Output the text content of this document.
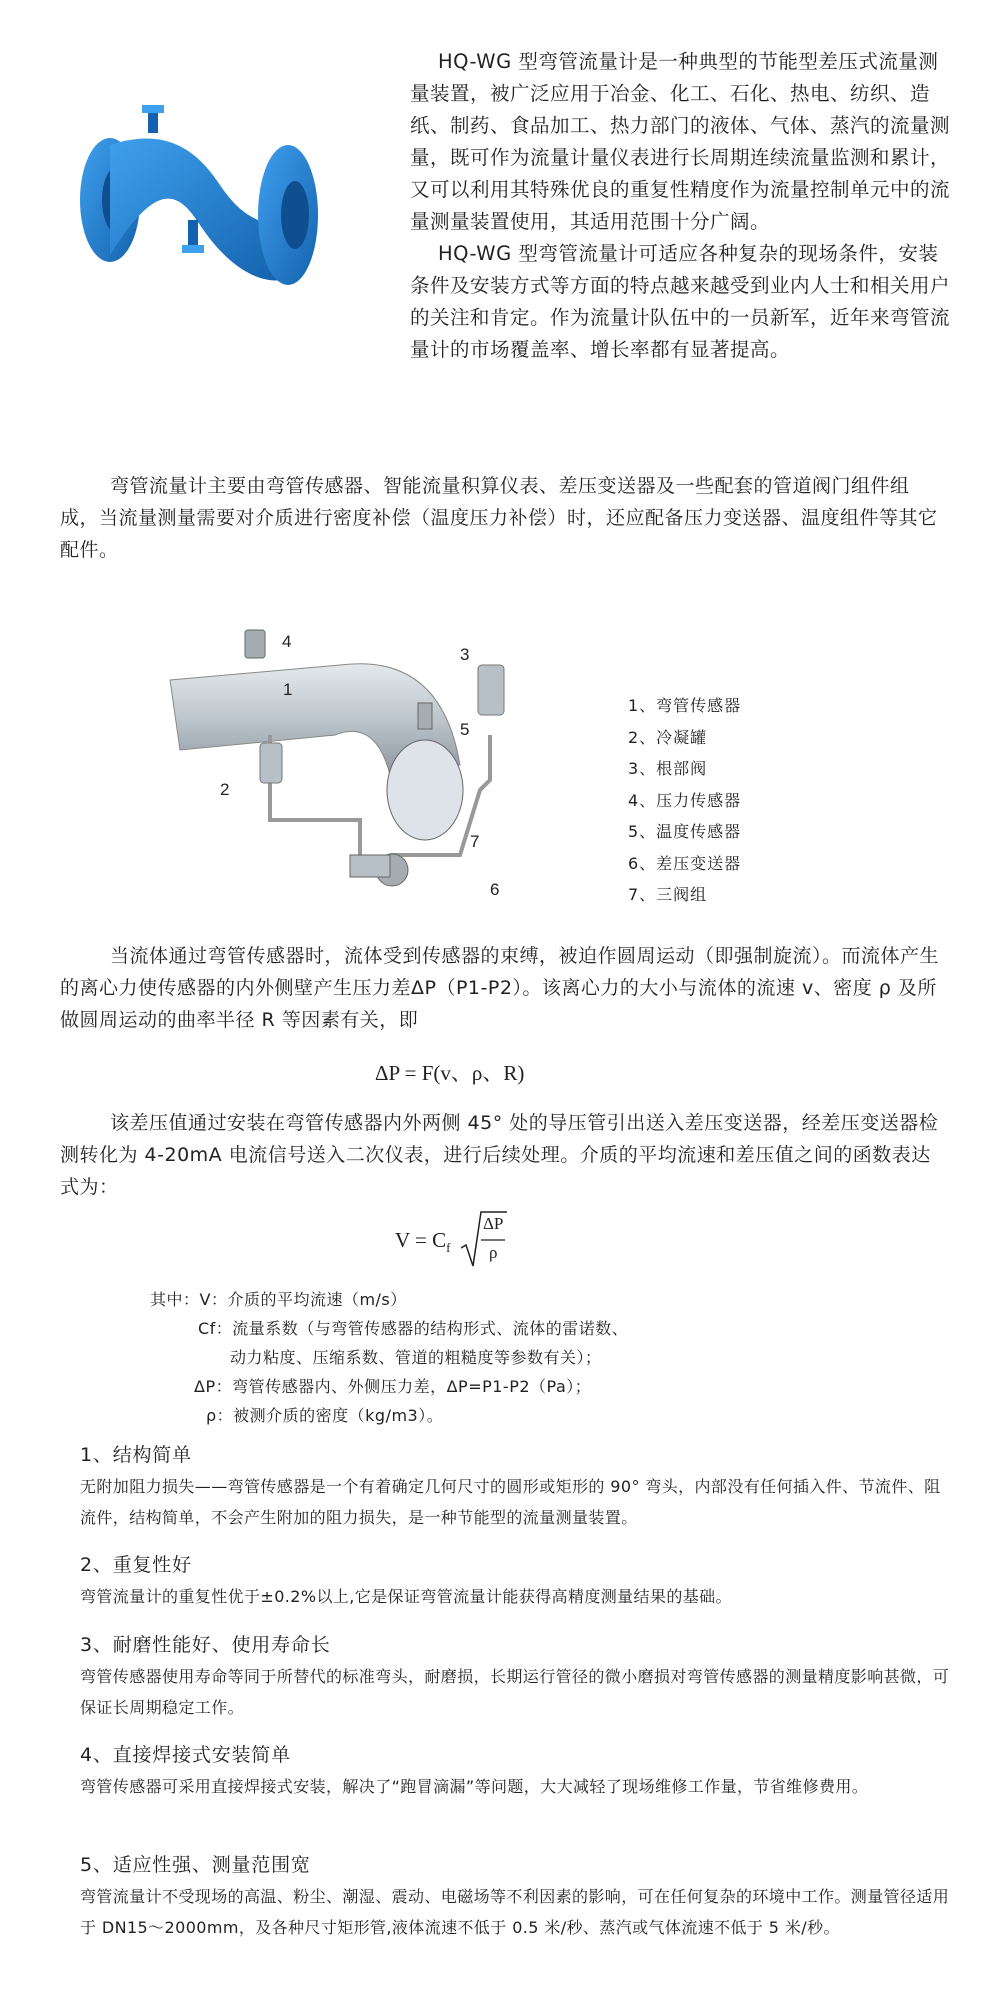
HQ-WG 型弯管流量计是一种典型的节能型差压式流量测量装置，被广泛应用于冶金、化工、石化、热电、纺织、造纸、制药、食品加工、热力部门的液体、气体、蒸汽的流量测量，既可作为流量计量仪表进行长周期连续流量监测和累计，又可以利用其特殊优良的重复性精度作为流量控制单元中的流量测量装置使用，其适用范围十分广阔。

HQ-WG 型弯管流量计可适应各种复杂的现场条件，安装条件及安装方式等方面的特点越来越受到业内人士和相关用户的关注和肯定。作为流量计队伍中的一员新军，近年来弯管流量计的市场覆盖率、增长率都有显著提高。

弯管流量计主要由弯管传感器、智能流量积算仪表、差压变送器及一些配套的管道阀门组件组成，当流量测量需要对介质进行密度补偿（温度压力补偿）时，还应配备压力变送器、温度组件等其它配件。

1
2
3
4
5
6
7
1、弯管传感器
2、冷凝罐
3、根部阀
4、压力传感器
5、温度传感器
6、差压变送器
7、三阀组

当流体通过弯管传感器时，流体受到传感器的束缚，被迫作圆周运动（即强制旋流）。而流体产生的离心力使传感器的内外侧壁产生压力差ΔP（P1-P2）。该离心力的大小与流体的流速 v、密度 ρ 及所做圆周运动的曲率半径 R 等因素有关，即

ΔP = F(v、ρ、R)

该差压值通过安装在弯管传感器内外两侧 45° 处的导压管引出送入差压变送器，经差压变送器检测转化为 4-20mA 电流信号送入二次仪表，进行后续处理。介质的平均流速和差压值之间的函数表达式为：

$V = C_f$
ΔP
ρ
其中：V：介质的平均流速（m/s）
Cf：流量系数（与弯管传感器的结构形式、流体的雷诺数、
动力粘度、压缩系数、管道的粗糙度等参数有关）；
ΔP：弯管传感器内、外侧压力差，ΔP=P1-P2（Pa）；
ρ：被测介质的密度（kg/m3）。
1、结构简单
无附加阻力损失——弯管传感器是一个有着确定几何尺寸的圆形或矩形的 90° 弯头，内部没有任何插入件、节流件、阻流件，结构简单，不会产生附加的阻力损失，是一种节能型的流量测量装置。
2、重复性好
弯管流量计的重复性优于±0.2%以上,它是保证弯管流量计能获得高精度测量结果的基础。
3、耐磨性能好、使用寿命长
弯管传感器使用寿命等同于所替代的标准弯头，耐磨损，长期运行管径的微小磨损对弯管传感器的测量精度影响甚微，可保证长周期稳定工作。
4、直接焊接式安装简单
弯管传感器可采用直接焊接式安装，解决了“跑冒滴漏”等问题，大大减轻了现场维修工作量，节省维修费用。
5、适应性强、测量范围宽
弯管流量计不受现场的高温、粉尘、潮湿、震动、电磁场等不利因素的影响，可在任何复杂的环境中工作。测量管径适用于 DN15～2000mm，及各种尺寸矩形管,液体流速不低于 0.5 米/秒、蒸汽或气体流速不低于 5 米/秒。
